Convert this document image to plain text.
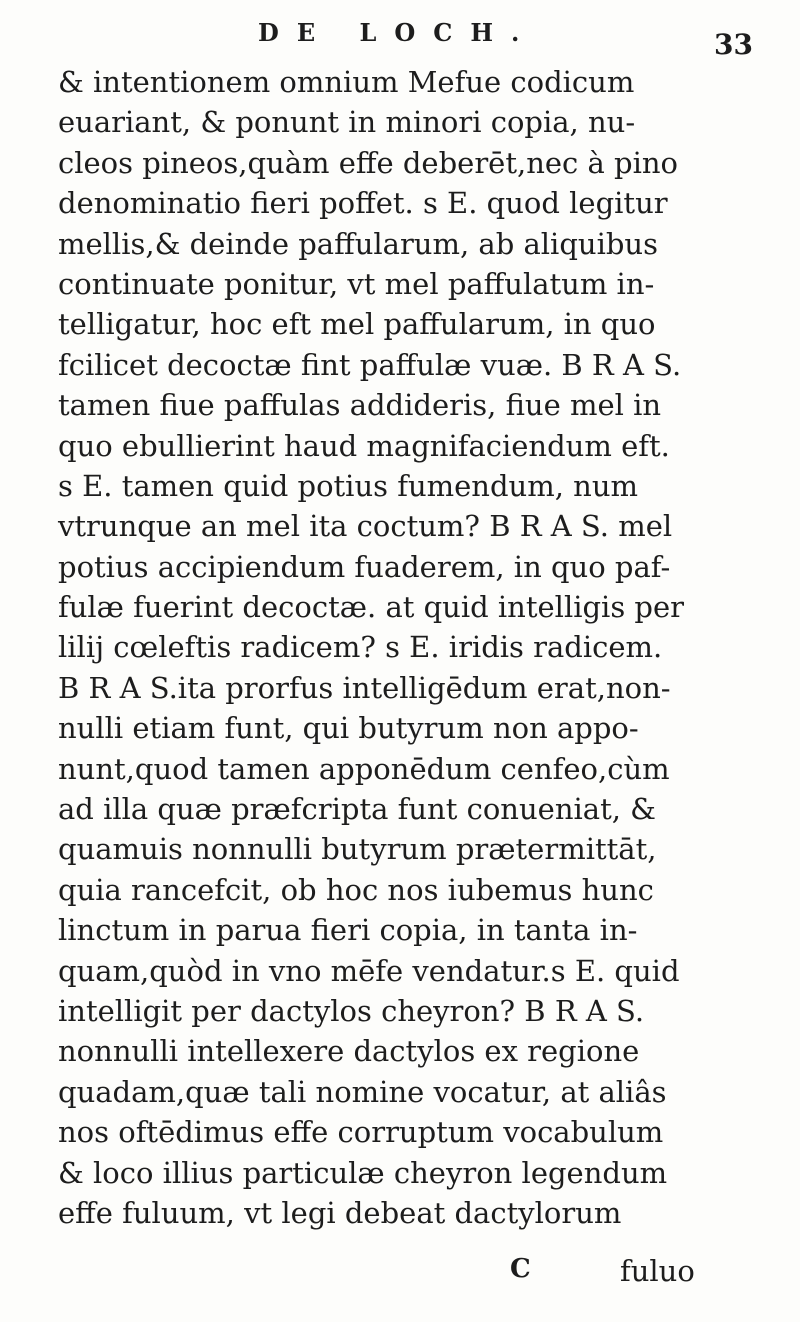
DE LOCH.	33
& intentionem omnium Mefue codicum
euariant, & ponunt in minori copia, nu-
cleos pineos,quàm effe deberēt,nec à pino
denominatio fieri poffet. s E. quod legitur
mellis,& deinde paffularum, ab aliquibus
continuate ponitur, vt mel paffulatum in-
telligatur, hoc eft mel paffularum, in quo
fcilicet decoctæ fint paffulæ vuæ. B R A S.
tamen fiue paffulas addideris, fiue mel in
quo ebullierint haud magnifaciendum eft.
s E. tamen quid potius fumendum, num
vtrunque an mel ita coctum? B R A S. mel
potius accipiendum fuaderem, in quo paf-
fulæ fuerint decoctæ. at quid intelligis per
lilij cœleftis radicem? s E. iridis radicem.
B R A S.ita prorfus intelligēdum erat,non-
nulli etiam funt, qui butyrum non appo-
nunt,quod tamen apponēdum cenfeo,cùm
ad illa quæ præfcripta funt conueniat, &
quamuis nonnulli butyrum prætermittāt,
quia rancefcit, ob hoc nos iubemus hunc
linctum in parua fieri copia, in tanta in-
quam,quòd in vno mēfe vendatur.s E. quid
intelligit per dactylos cheyron? B R A S.
nonnulli intellexere dactylos ex regione
quadam,quæ tali nomine vocatur, at aliâs
nos oftēdimus effe corruptum vocabulum
& loco illius particulæ cheyron legendum
effe fuluum, vt legi debeat dactylorum
C	fuluo
